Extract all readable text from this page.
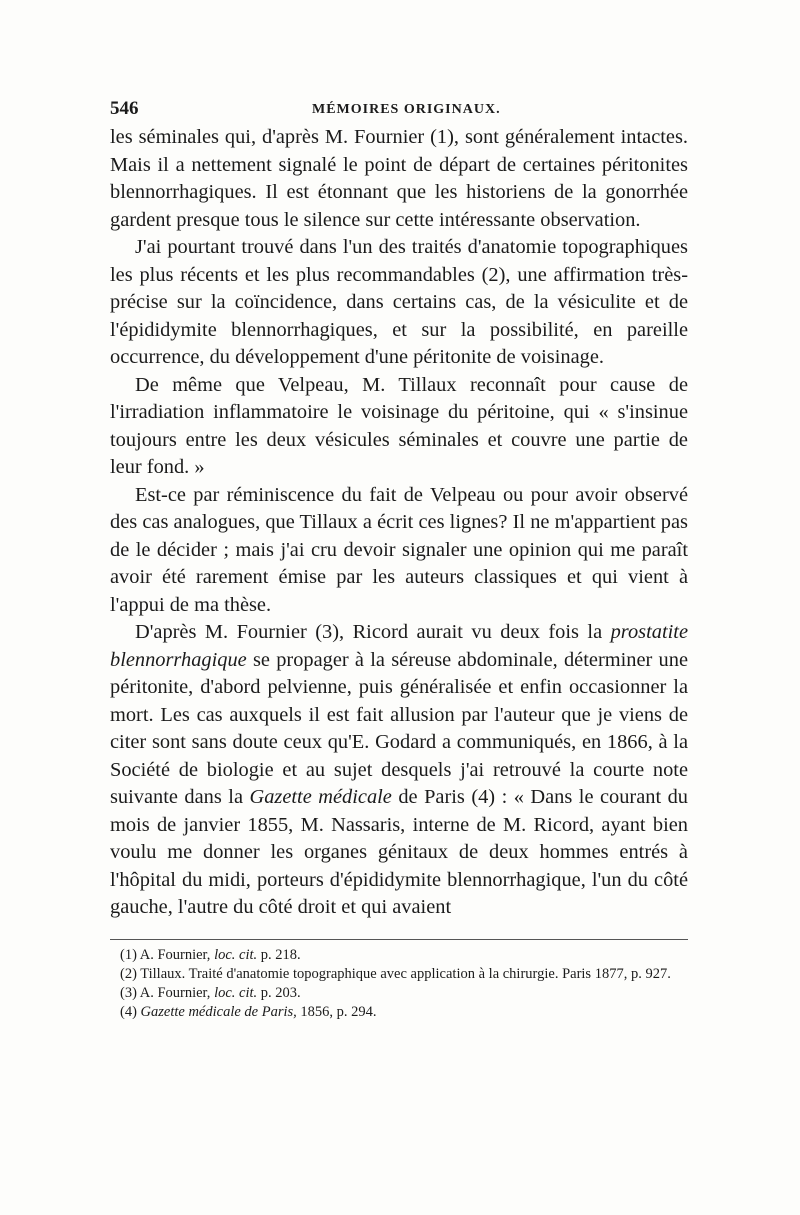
546	MÉMOIRES ORIGINAUX.

les séminales qui, d'après M. Fournier (1), sont généralement intactes. Mais il a nettement signalé le point de départ de certaines péritonites blennorrhagiques. Il est étonnant que les historiens de la gonorrhée gardent presque tous le silence sur cette intéressante observation.

J'ai pourtant trouvé dans l'un des traités d'anatomie topographiques les plus récents et les plus recommandables (2), une affirmation très-précise sur la coïncidence, dans certains cas, de la vésiculite et de l'épididymite blennorrhagiques, et sur la possibilité, en pareille occurrence, du développement d'une péritonite de voisinage.

De même que Velpeau, M. Tillaux reconnaît pour cause de l'irradiation inflammatoire le voisinage du péritoine, qui « s'insinue toujours entre les deux vésicules séminales et couvre une partie de leur fond. »

Est-ce par réminiscence du fait de Velpeau ou pour avoir observé des cas analogues, que Tillaux a écrit ces lignes? Il ne m'appartient pas de le décider ; mais j'ai cru devoir signaler une opinion qui me paraît avoir été rarement émise par les auteurs classiques et qui vient à l'appui de ma thèse.

D'après M. Fournier (3), Ricord aurait vu deux fois la prostatite blennorrhagique se propager à la séreuse abdominale, déterminer une péritonite, d'abord pelvienne, puis généralisée et enfin occasionner la mort. Les cas auxquels il est fait allusion par l'auteur que je viens de citer sont sans doute ceux qu'E. Godard a communiqués, en 1866, à la Société de biologie et au sujet desquels j'ai retrouvé la courte note suivante dans la Gazette médicale de Paris (4) : « Dans le courant du mois de janvier 1855, M. Nassaris, interne de M. Ricord, ayant bien voulu me donner les organes génitaux de deux hommes entrés à l'hôpital du midi, porteurs d'épididymite blennorrhagique, l'un du côté gauche, l'autre du côté droit et qui avaient

(1) A. Fournier, loc. cit. p. 218.

(2) Tillaux. Traité d'anatomie topographique avec application à la chirurgie. Paris 1877, p. 927.

(3) A. Fournier, loc. cit. p. 203.

(4) Gazette médicale de Paris, 1856, p. 294.
